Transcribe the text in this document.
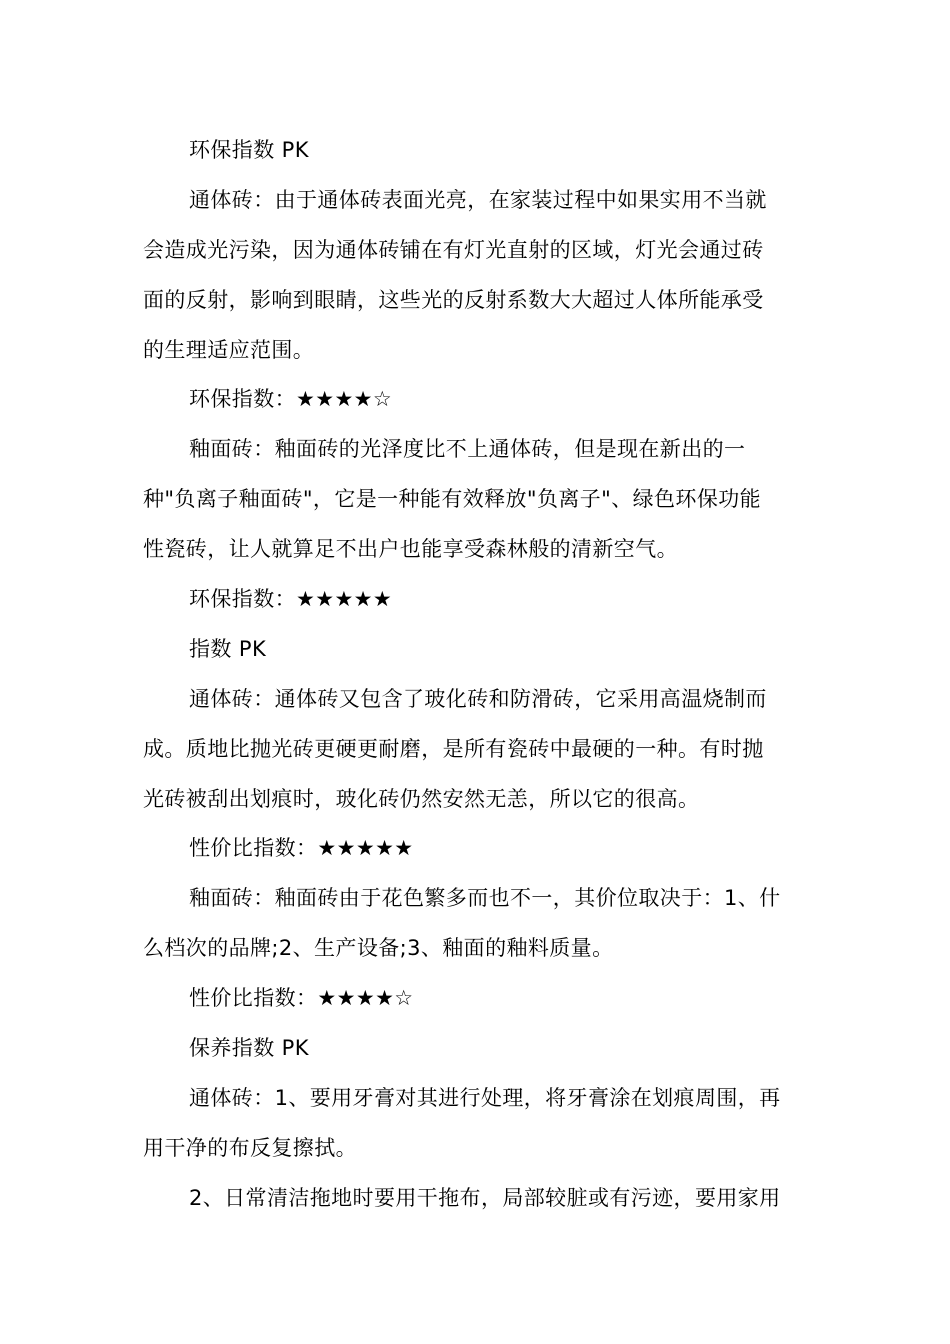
环保指数 PK
通体砖：由于通体砖表面光亮，在家装过程中如果实用不当就
会造成光污染，因为通体砖铺在有灯光直射的区域，灯光会通过砖
面的反射，影响到眼睛，这些光的反射系数大大超过人体所能承受
的生理适应范围。
环保指数：★★★★☆
釉面砖：釉面砖的光泽度比不上通体砖，但是现在新出的一
种"负离子釉面砖"，它是一种能有效释放"负离子"、绿色环保功能
性瓷砖，让人就算足不出户也能享受森林般的清新空气。
环保指数：★★★★★
指数 PK
通体砖：通体砖又包含了玻化砖和防滑砖，它采用高温烧制而
成。质地比抛光砖更硬更耐磨，是所有瓷砖中最硬的一种。有时抛
光砖被刮出划痕时，玻化砖仍然安然无恙，所以它的很高。
性价比指数：★★★★★
釉面砖：釉面砖由于花色繁多而也不一，其价位取决于：1、什
么档次的品牌;2、生产设备;3、釉面的釉料质量。
性价比指数：★★★★☆
保养指数 PK
通体砖：1、要用牙膏对其进行处理，将牙膏涂在划痕周围，再
用干净的布反复擦拭。
2、日常清洁拖地时要用干拖布，局部较脏或有污迹，要用家用
